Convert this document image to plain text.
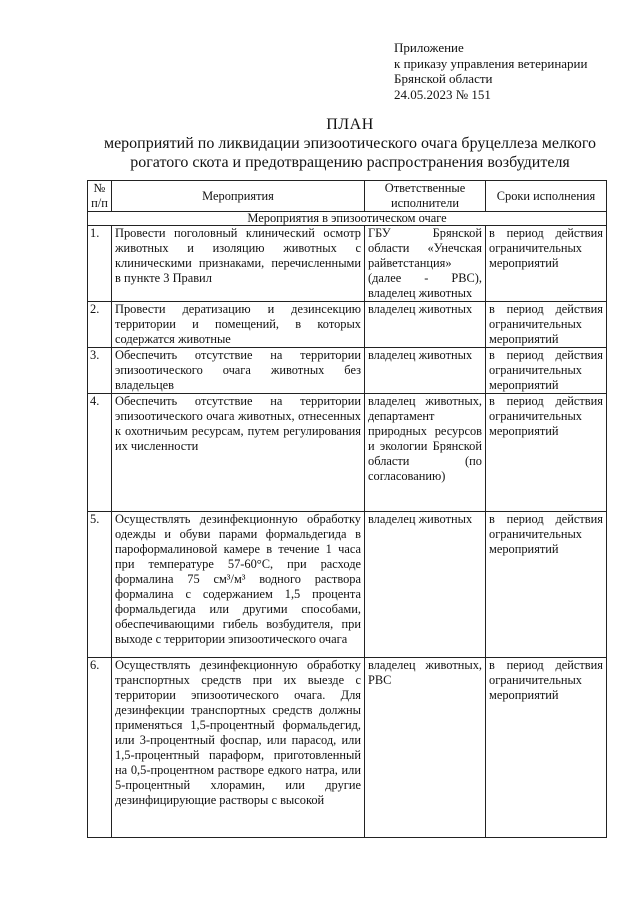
Приложение
к приказу управления ветеринарии
Брянской области
24.05.2023 № 151
ПЛАН
мероприятий по ликвидации эпизоотического очага бруцеллеза мелкого рогатого скота и предотвращению распространения возбудителя
№ п/п	Мероприятия	Ответственные исполнители	Сроки исполнения
Мероприятия в эпизоотическом очаге			
1.	Провести поголовный клинический осмотр животных и изоляцию животных с клиническими признаками, перечисленными в пункте 3 Правил	ГБУ Брянской области «Унечская райветстанция» (далее - РВС), владелец животных	в период действия ограничительных мероприятий
2.	Провести дератизацию и дезинсекцию территории и помещений, в которых содержатся животные	владелец животных	в период действия ограничительных мероприятий
3.	Обеспечить отсутствие на территории эпизоотического очага животных без владельцев	владелец животных	в период действия ограничительных мероприятий
4.	Обеспечить отсутствие на территории эпизоотического очага животных, отнесенных к охотничьим ресурсам, путем регулирования их численности	владелец животных, департамент природных ресурсов и экологии Брянской области (по согласованию)	в период действия ограничительных мероприятий
5.	Осуществлять дезинфекционную обработку одежды и обуви парами формальдегида в пароформалиновой камере в течение 1 часа при температуре 57-60°С, при расходе формалина 75 см³/м³ водного раствора формалина с содержанием 1,5 процента формальдегида или другими способами, обеспечивающими гибель возбудителя, при выходе с территории эпизоотического очага	владелец животных	в период действия ограничительных мероприятий
6.	Осуществлять дезинфекционную обработку транспортных средств при их выезде с территории эпизоотического очага. Для дезинфекции транспортных средств должны применяться 1,5-процентный формальдегид, или 3-процентный фоспар, или парасод, или 1,5-процентный параформ, приготовленный на 0,5-процентном растворе едкого натра, или 5-процентный хлорамин, или другие дезинфицирующие растворы с высокой	владелец животных, РВС	в период действия ограничительных мероприятий
